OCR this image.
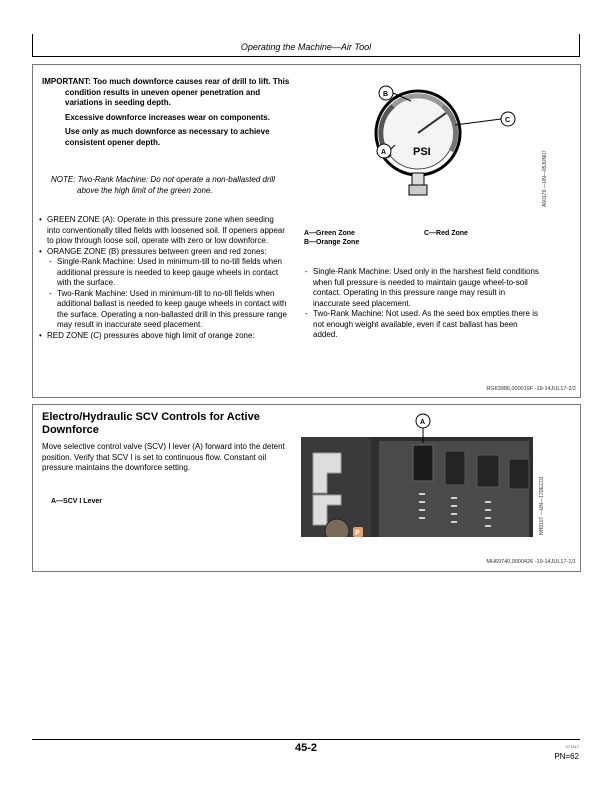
Operating the Machine—Air Tool
IMPORTANT: Too much downforce causes rear of drill to lift. This condition results in uneven opener penetration and variations in seeding depth.
Excessive downforce increases wear on components.
Use only as much downforce as necessary to achieve consistent opener depth.
NOTE: Two-Rank Machine: Do not operate a non-ballasted drill above the high limit of the green zone.
• GREEN ZONE (A): Operate in this pressure zone when seeding into conventionally tilled fields with loosened soil. If openers appear to plow through loose soil, operate with zero or low downforce.
• ORANGE ZONE (B) pressures between green and red zones:
- Single-Rank Machine: Used in minimum-till to no-till fields when additional pressure is needed to keep gauge wheels in contact with the surface.
- Two-Rank Machine: Used in minimum-till to no-till fields when additional ballast is needed to keep gauge wheels in contact with the surface. Operating a non-ballasted drill in this pressure range may result in inaccurate seed placement.
• RED ZONE (C) pressures above high limit of orange zone:
PSI
B
C
A	A60179 —UN—05JUN07
A—Green Zone
B—Orange Zone
C—Red Zone
- Single-Rank Machine: Used only in the harshest field conditions when full pressure is needed to maintain gauge wheel-to-soil contact. Operating in this pressure range may result in inaccurate seed placement.
- Two-Rank Machine: Not used. As the seed box empties there is not enough weight available, even if cast ballast has been added.
RG63986,000019F -19-14JUL17-2/2
Electro/Hydraulic SCV Controls for Active Downforce
Move selective control valve (SCV) I lever (A) forward into the detent position. Verify that SCV I is set to continuous flow. Constant oil pressure maintains the downforce setting.
A—SCV I Lever
P
A
NH9107 —UN—17DEC01
MH69740,0000426 -19-14JUL17-1/1
45-2	071417
PN=62
